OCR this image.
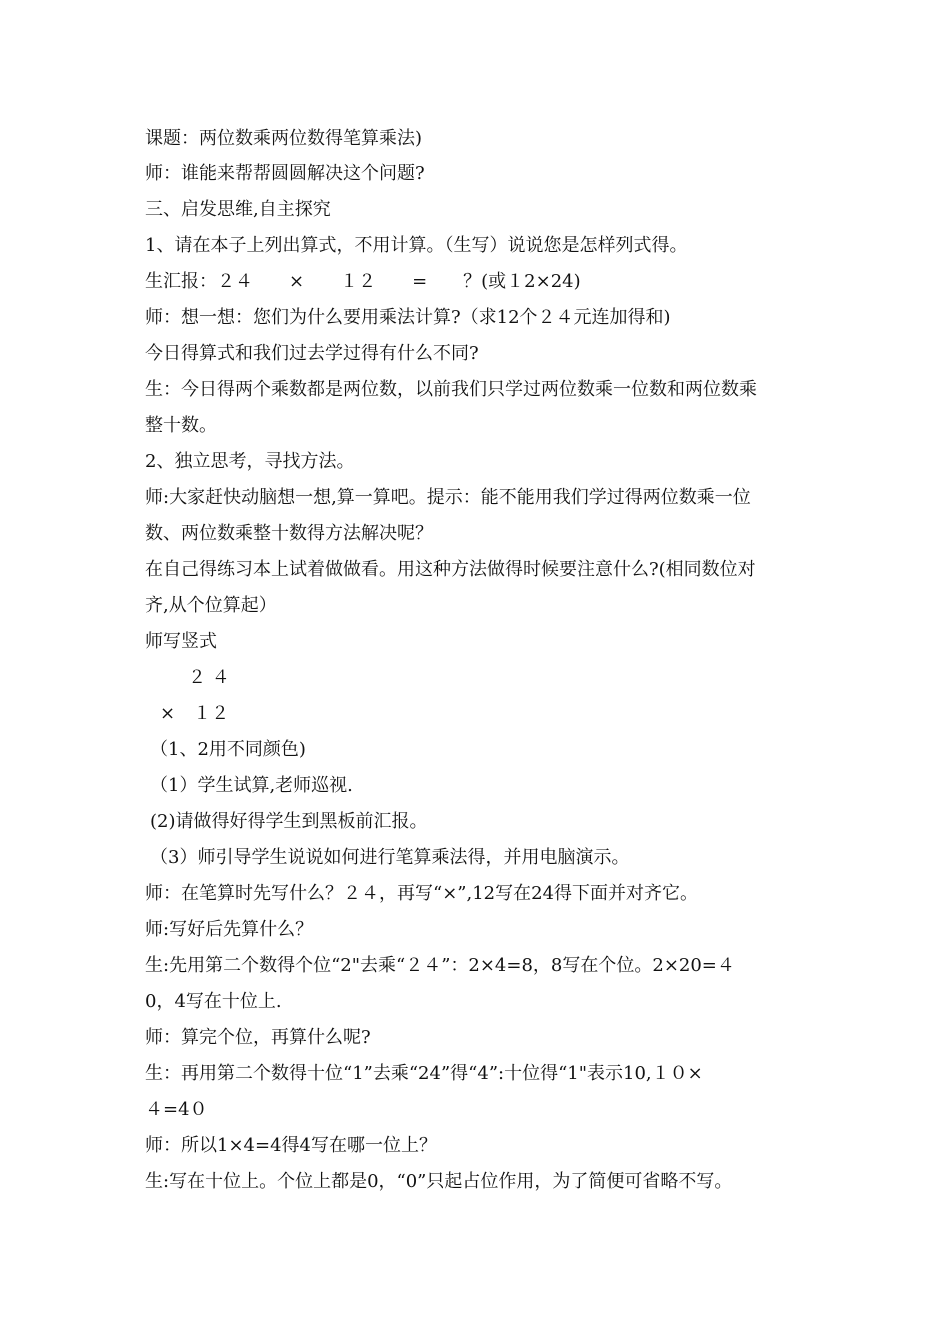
课题：两位数乘两位数得笔算乘法)
师：谁能来帮帮圆圆解决这个问题?
三、启发思维,自主探究
1、请在本子上列出算式，不用计算。（生写）说说您是怎样列式得。
生汇报：２４　　×　　１２　　=　　？(或１2×24)
师：想一想：您们为什么要用乘法计算?（求12个２４元连加得和)
今日得算式和我们过去学过得有什么不同?
生：今日得两个乘数都是两位数，以前我们只学过两位数乘一位数和两位数乘
整十数。
2、独立思考，寻找方法。
师:大家赶快动脑想一想,算一算吧。提示：能不能用我们学过得两位数乘一位
数、两位数乘整十数得方法解决呢？
在自己得练习本上试着做做看。用这种方法做得时候要注意什么?(相同数位对
齐,从个位算起）
师写竖式
２ ４
×　１２
（1、2用不同颜色)
（1）学生试算,老师巡视.
(2)请做得好得学生到黑板前汇报。
（3）师引导学生说说如何进行笔算乘法得，并用电脑演示。
师：在笔算时先写什么？２４，再写“×”,12写在24得下面并对齐它。
师:写好后先算什么？
生:先用第二个数得个位“2"去乘“２４”：2×4=8，8写在个位。2×20=４
0，4写在十位上.
师：算完个位，再算什么呢?
生：再用第二个数得十位“1”去乘“24”得“4”:十位得“1"表示10,１０×
４=4０
师：所以1×4=4得4写在哪一位上？
生:写在十位上。个位上都是0，“0”只起占位作用，为了简便可省略不写。
